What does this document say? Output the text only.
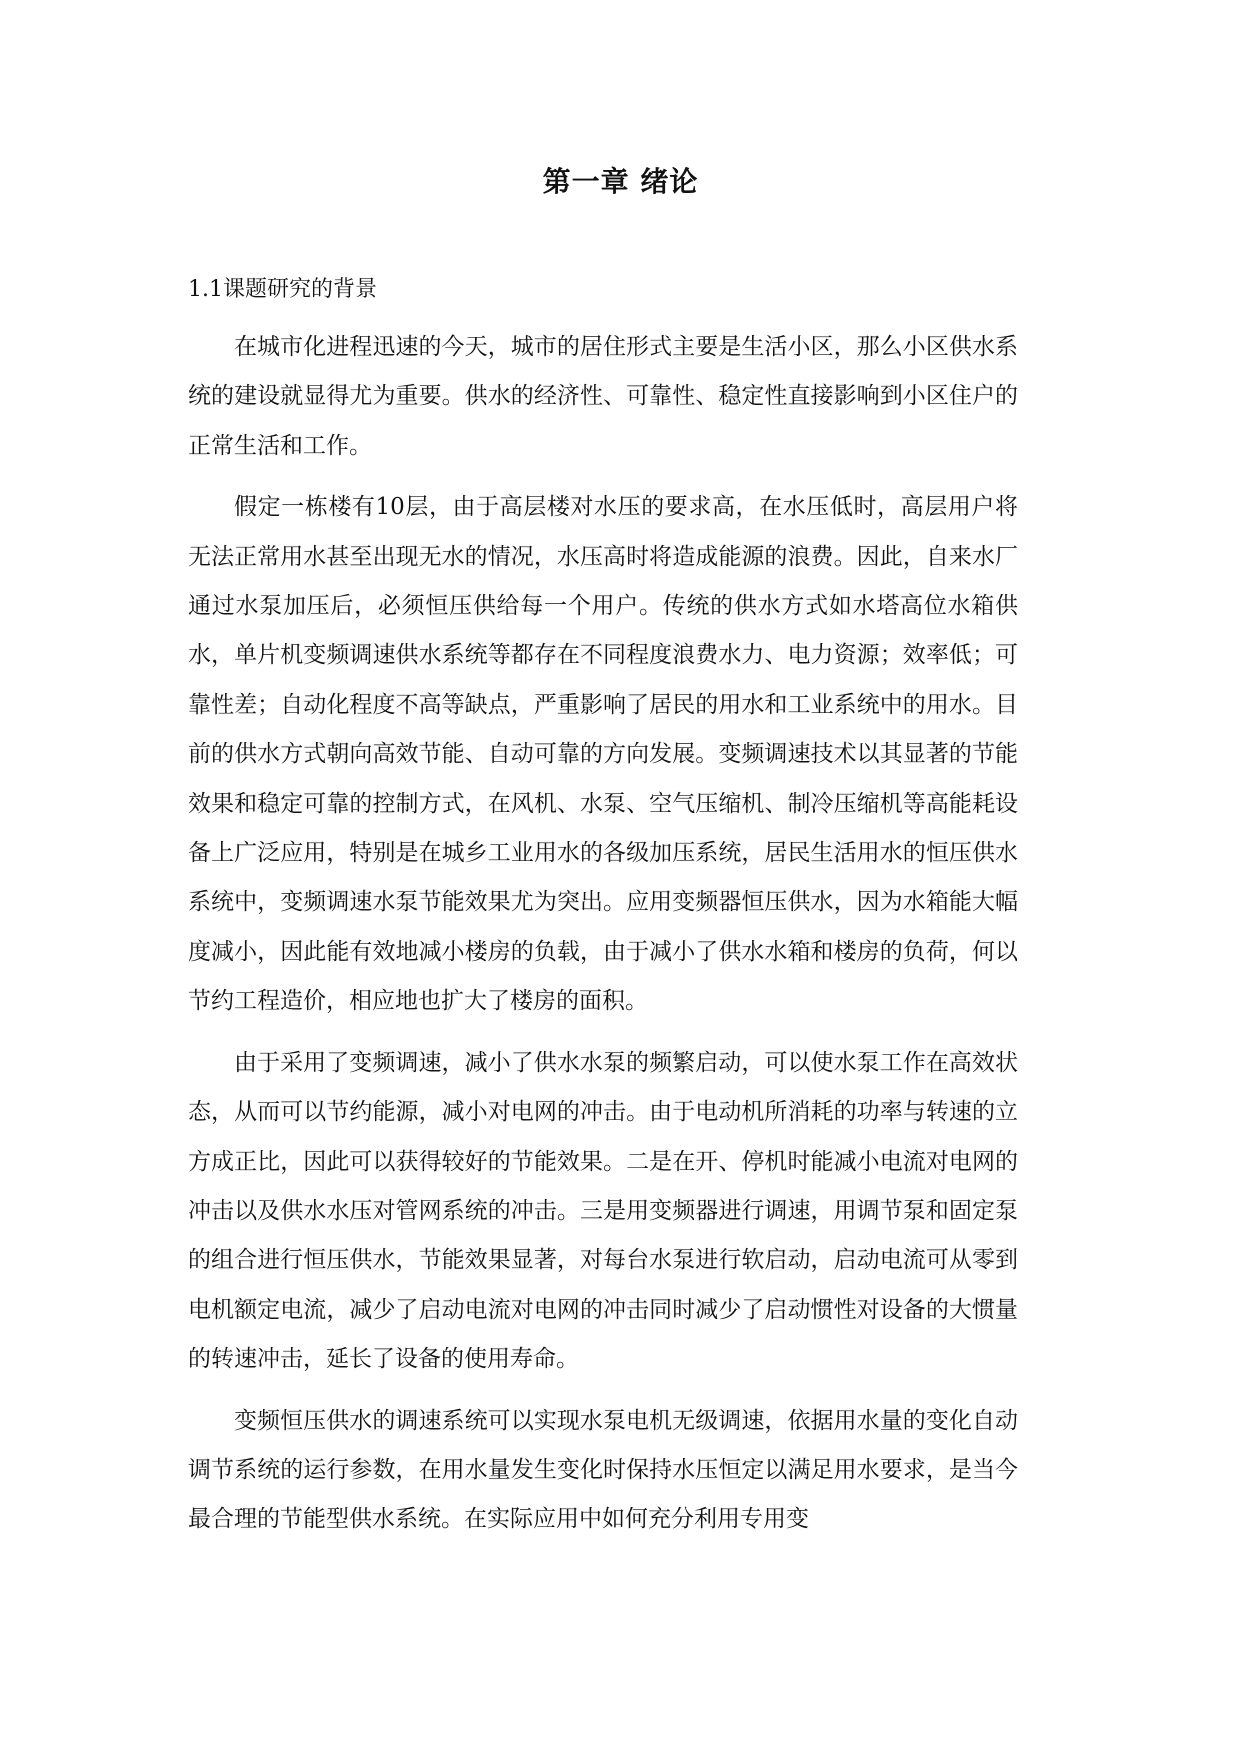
第一章 绪论
1.1课题研究的背景

在城市化进程迅速的今天，城市的居住形式主要是生活小区，那么小区供水系统的建设就显得尤为重要。供水的经济性、可靠性、稳定性直接影响到小区住户的正常生活和工作。

假定一栋楼有10层，由于高层楼对水压的要求高，在水压低时，高层用户将无法正常用水甚至出现无水的情况，水压高时将造成能源的浪费。因此，自来水厂通过水泵加压后，必须恒压供给每一个用户。传统的供水方式如水塔高位水箱供水，单片机变频调速供水系统等都存在不同程度浪费水力、电力资源；效率低；可靠性差；自动化程度不高等缺点，严重影响了居民的用水和工业系统中的用水。目前的供水方式朝向高效节能、自动可靠的方向发展。变频调速技术以其显著的节能效果和稳定可靠的控制方式，在风机、水泵、空气压缩机、制冷压缩机等高能耗设备上广泛应用，特别是在城乡工业用水的各级加压系统，居民生活用水的恒压供水系统中，变频调速水泵节能效果尤为突出。应用变频器恒压供水，因为水箱能大幅度减小，因此能有效地减小楼房的负载，由于减小了供水水箱和楼房的负荷，何以节约工程造价，相应地也扩大了楼房的面积。

由于采用了变频调速，减小了供水水泵的频繁启动，可以使水泵工作在高效状态，从而可以节约能源，减小对电网的冲击。由于电动机所消耗的功率与转速的立方成正比，因此可以获得较好的节能效果。二是在开、停机时能减小电流对电网的冲击以及供水水压对管网系统的冲击。三是用变频器进行调速，用调节泵和固定泵的组合进行恒压供水，节能效果显著，对每台水泵进行软启动，启动电流可从零到电机额定电流，减少了启动电流对电网的冲击同时减少了启动惯性对设备的大惯量的转速冲击，延长了设备的使用寿命。

变频恒压供水的调速系统可以实现水泵电机无级调速，依据用水量的变化自动调节系统的运行参数，在用水量发生变化时保持水压恒定以满足用水要求，是当今最合理的节能型供水系统。在实际应用中如何充分利用专用变
